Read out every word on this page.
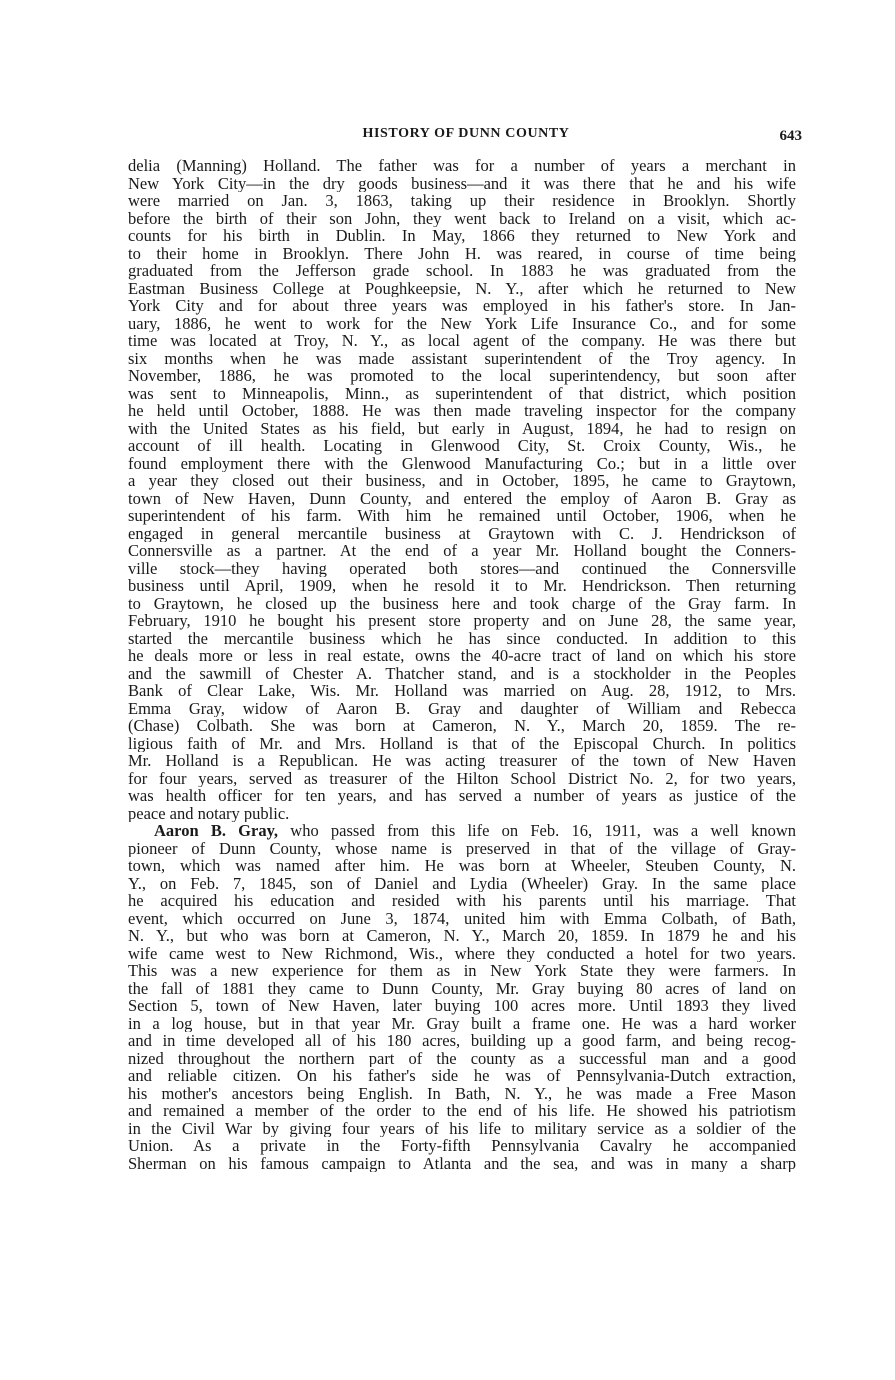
HISTORY OF DUNN COUNTY	643
delia (Manning) Holland. The father was for a number of years a merchant in
New York City—in the dry goods business—and it was there that he and his wife
were married on Jan. 3, 1863, taking up their residence in Brooklyn. Shortly
before the birth of their son John, they went back to Ireland on a visit, which ac-
counts for his birth in Dublin. In May, 1866 they returned to New York and
to their home in Brooklyn. There John H. was reared, in course of time being
graduated from the Jefferson grade school. In 1883 he was graduated from the
Eastman Business College at Poughkeepsie, N. Y., after which he returned to New
York City and for about three years was employed in his father's store. In Jan-
uary, 1886, he went to work for the New York Life Insurance Co., and for some
time was located at Troy, N. Y., as local agent of the company. He was there but
six months when he was made assistant superintendent of the Troy agency. In
November, 1886, he was promoted to the local superintendency, but soon after
was sent to Minneapolis, Minn., as superintendent of that district, which position
he held until October, 1888. He was then made traveling inspector for the company
with the United States as his field, but early in August, 1894, he had to resign on
account of ill health. Locating in Glenwood City, St. Croix County, Wis., he
found employment there with the Glenwood Manufacturing Co.; but in a little over
a year they closed out their business, and in October, 1895, he came to Graytown,
town of New Haven, Dunn County, and entered the employ of Aaron B. Gray as
superintendent of his farm. With him he remained until October, 1906, when he
engaged in general mercantile business at Graytown with C. J. Hendrickson of
Connersville as a partner. At the end of a year Mr. Holland bought the Conners-
ville stock—they having operated both stores—and continued the Connersville
business until April, 1909, when he resold it to Mr. Hendrickson. Then returning
to Graytown, he closed up the business here and took charge of the Gray farm. In
February, 1910 he bought his present store property and on June 28, the same year,
started the mercantile business which he has since conducted. In addition to this
he deals more or less in real estate, owns the 40-acre tract of land on which his store
and the sawmill of Chester A. Thatcher stand, and is a stockholder in the Peoples
Bank of Clear Lake, Wis. Mr. Holland was married on Aug. 28, 1912, to Mrs.
Emma Gray, widow of Aaron B. Gray and daughter of William and Rebecca
(Chase) Colbath. She was born at Cameron, N. Y., March 20, 1859. The re-
ligious faith of Mr. and Mrs. Holland is that of the Episcopal Church. In politics
Mr. Holland is a Republican. He was acting treasurer of the town of New Haven
for four years, served as treasurer of the Hilton School District No. 2, for two years,
was health officer for ten years, and has served a number of years as justice of the
peace and notary public.
Aaron B. Gray, who passed from this life on Feb. 16, 1911, was a well known
pioneer of Dunn County, whose name is preserved in that of the village of Gray-
town, which was named after him. He was born at Wheeler, Steuben County, N.
Y., on Feb. 7, 1845, son of Daniel and Lydia (Wheeler) Gray. In the same place
he acquired his education and resided with his parents until his marriage. That
event, which occurred on June 3, 1874, united him with Emma Colbath, of Bath,
N. Y., but who was born at Cameron, N. Y., March 20, 1859. In 1879 he and his
wife came west to New Richmond, Wis., where they conducted a hotel for two years.
This was a new experience for them as in New York State they were farmers. In
the fall of 1881 they came to Dunn County, Mr. Gray buying 80 acres of land on
Section 5, town of New Haven, later buying 100 acres more. Until 1893 they lived
in a log house, but in that year Mr. Gray built a frame one. He was a hard worker
and in time developed all of his 180 acres, building up a good farm, and being recog-
nized throughout the northern part of the county as a successful man and a good
and reliable citizen. On his father's side he was of Pennsylvania-Dutch extraction,
his mother's ancestors being English. In Bath, N. Y., he was made a Free Mason
and remained a member of the order to the end of his life. He showed his patriotism
in the Civil War by giving four years of his life to military service as a soldier of the
Union. As a private in the Forty-fifth Pennsylvania Cavalry he accompanied
Sherman on his famous campaign to Atlanta and the sea, and was in many a sharp
